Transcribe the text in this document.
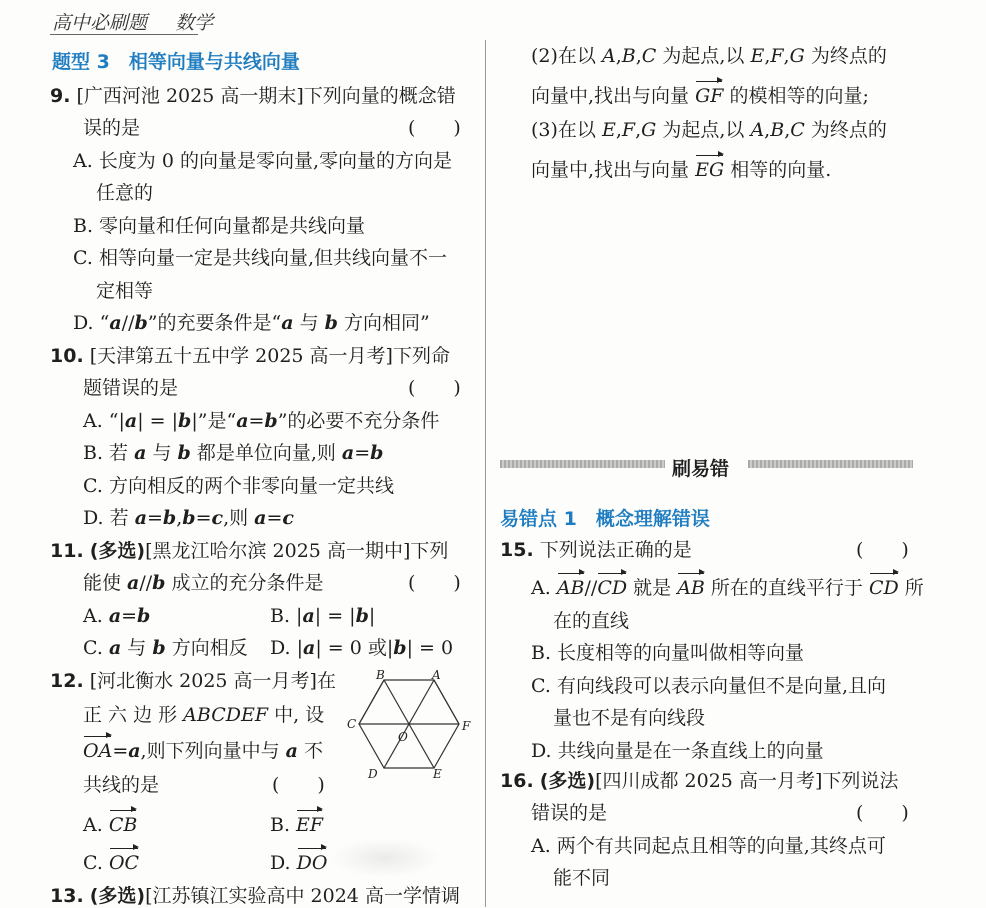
高中必刷题 数学
题型 3　相等向量与共线向量
9. [广西河池 2025 高一期末]下列向量的概念错
误的是	(　　)
A. 长度为 0 的向量是零向量,零向量的方向是
任意的
B. 零向量和任何向量都是共线向量
C. 相等向量一定是共线向量,但共线向量不一
定相等
D. “a//b”的充要条件是“a 与 b 方向相同”
10. [天津第五十五中学 2025 高一月考]下列命
题错误的是	(　　)
A. “|a| = |b|”是“a=b”的必要不充分条件
B. 若 a 与 b 都是单位向量,则 a=b
C. 方向相反的两个非零向量一定共线
D. 若 a=b,b=c,则 a=c
11. (多选)[黑龙江哈尔滨 2025 高一期中]下列
能使 a//b 成立的充分条件是	(　　)
A. a=b	B. |a| = |b|
C. a 与 b 方向相反 D. |a| = 0 或|b| = 0
12. [河北衡水 2025 高一月考]在
正 六 边 形 ABCDEF 中, 设
OA=a,则下列向量中与 a 不
共线的是	(　　)
A. CB	B. EF
C. OC	D. DO
13. (多选)[江苏镇江实验高中 2024 高一学情调
(2)在以 A,B,C 为起点,以 E,F,G 为终点的
向量中,找出与向量 GF 的模相等的向量;
(3)在以 E,F,G 为起点,以 A,B,C 为终点的
向量中,找出与向量 EG 相等的向量.
易错点 1　概念理解错误
15. 下列说法正确的是	(　　)
A. AB//CD 就是 AB 所在的直线平行于 CD 所
在的直线
B. 长度相等的向量叫做相等向量
C. 有向线段可以表示向量但不是向量,且向
量也不是有向线段
D. 共线向量是在一条直线上的向量
16. (多选)[四川成都 2025 高一月考]下列说法
错误的是	(　　)
A. 两个有共同起点且相等的向量,其终点可
能不同
刷易错
B	A
C	F
O
D	E
